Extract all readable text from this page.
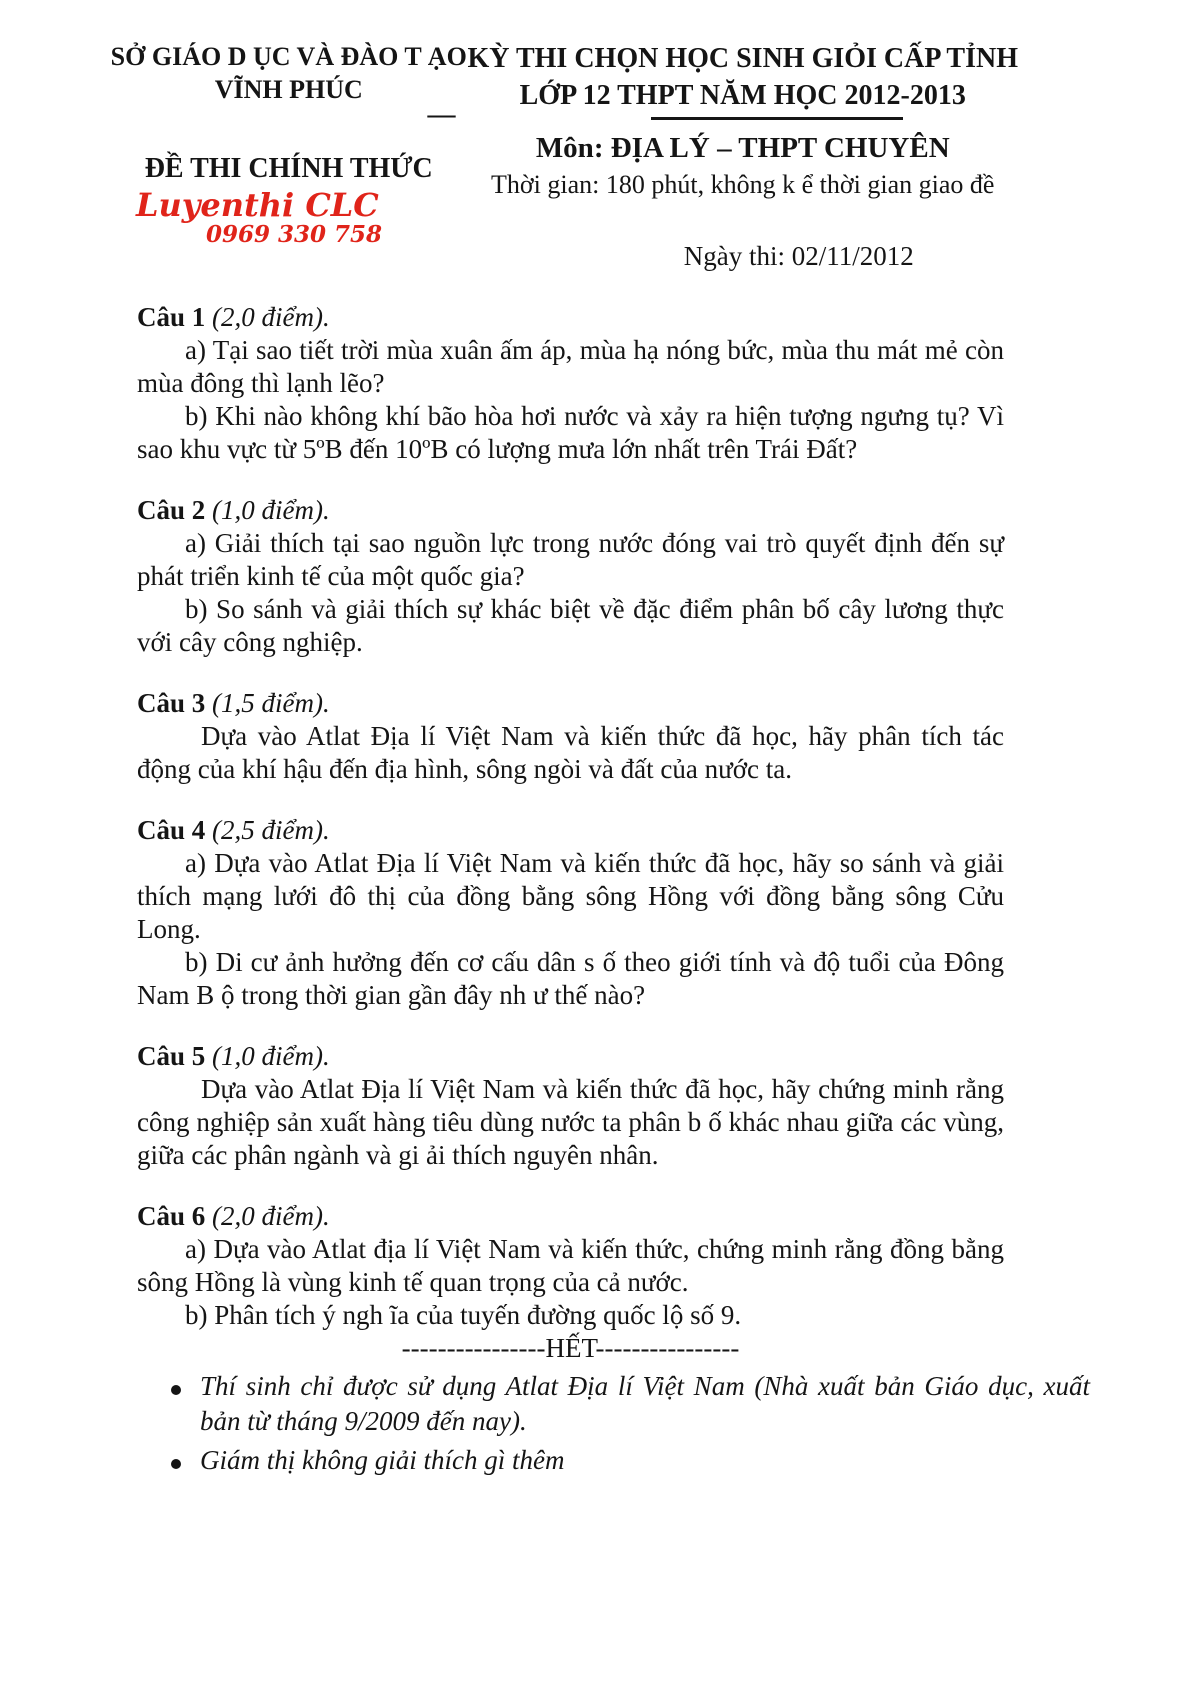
SỞ GIÁO D ỤC VÀ ĐÀO T ẠO
VĨNH PHÚC
—
ĐỀ THI CHÍNH THỨC
Luyenthi CLC
0969 330 758
KỲ THI CHỌN HỌC SINH GIỎI CẤP TỈNH
LỚP 12 THPT NĂM HỌC 2012-2013
Môn: ĐỊA LÝ – THPT CHUYÊN
Thời gian: 180 phút, không k ể thời gian giao đề
Ngày thi: 02/11/2012

Câu 1 (2,0 điểm).

a) Tại sao tiết trời mùa xuân ấm áp, mùa hạ nóng bức, mùa thu mát mẻ còn mùa đông thì lạnh lẽo?

b) Khi nào không khí bão hòa hơi nước và xảy ra hiện tượng ngưng tụ? Vì sao khu vực từ 5ºB đến 10ºB có lượng mưa lớn nhất trên Trái Đất?

Câu 2 (1,0 điểm).

a) Giải thích tại sao nguồn lực trong nước đóng vai trò quyết định đến sự phát triển kinh tế của một quốc gia?

b) So sánh và giải thích sự khác biệt về đặc điểm phân bố cây lương thực với cây công nghiệp.

Câu 3 (1,5 điểm).

Dựa vào Atlat Địa lí Việt Nam và kiến thức đã học, hãy phân tích tác động của khí hậu đến địa hình, sông ngòi và đất của nước ta.

Câu 4 (2,5 điểm).

a) Dựa vào Atlat Địa lí Việt Nam và kiến thức đã học, hãy so sánh và giải thích mạng lưới đô thị của đồng bằng sông Hồng với đồng bằng sông Cửu Long.

b) Di cư ảnh hưởng đến cơ cấu dân s ố theo giới tính và độ tuổi của Đông Nam B ộ trong thời gian gần đây nh ư thế nào?

Câu 5 (1,0 điểm).

Dựa vào Atlat Địa lí Việt Nam và kiến thức đã học, hãy chứng minh rằng công nghiệp sản xuất hàng tiêu dùng nước ta phân b ố khác nhau giữa các vùng, giữa các phân ngành và gi ải thích nguyên nhân.

Câu 6 (2,0 điểm).

a) Dựa vào Atlat địa lí Việt Nam và kiến thức, chứng minh rằng đồng bằng sông Hồng là vùng kinh tế quan trọng của cả nước.

b) Phân tích ý ngh ĩa của tuyến đường quốc lộ số 9.

----------------HẾT----------------

Thí sinh chỉ được sử dụng Atlat Địa lí Việt Nam (Nhà xuất bản Giáo dục, xuất bản từ tháng 9/2009 đến nay).
Giám thị không giải thích gì thêm
